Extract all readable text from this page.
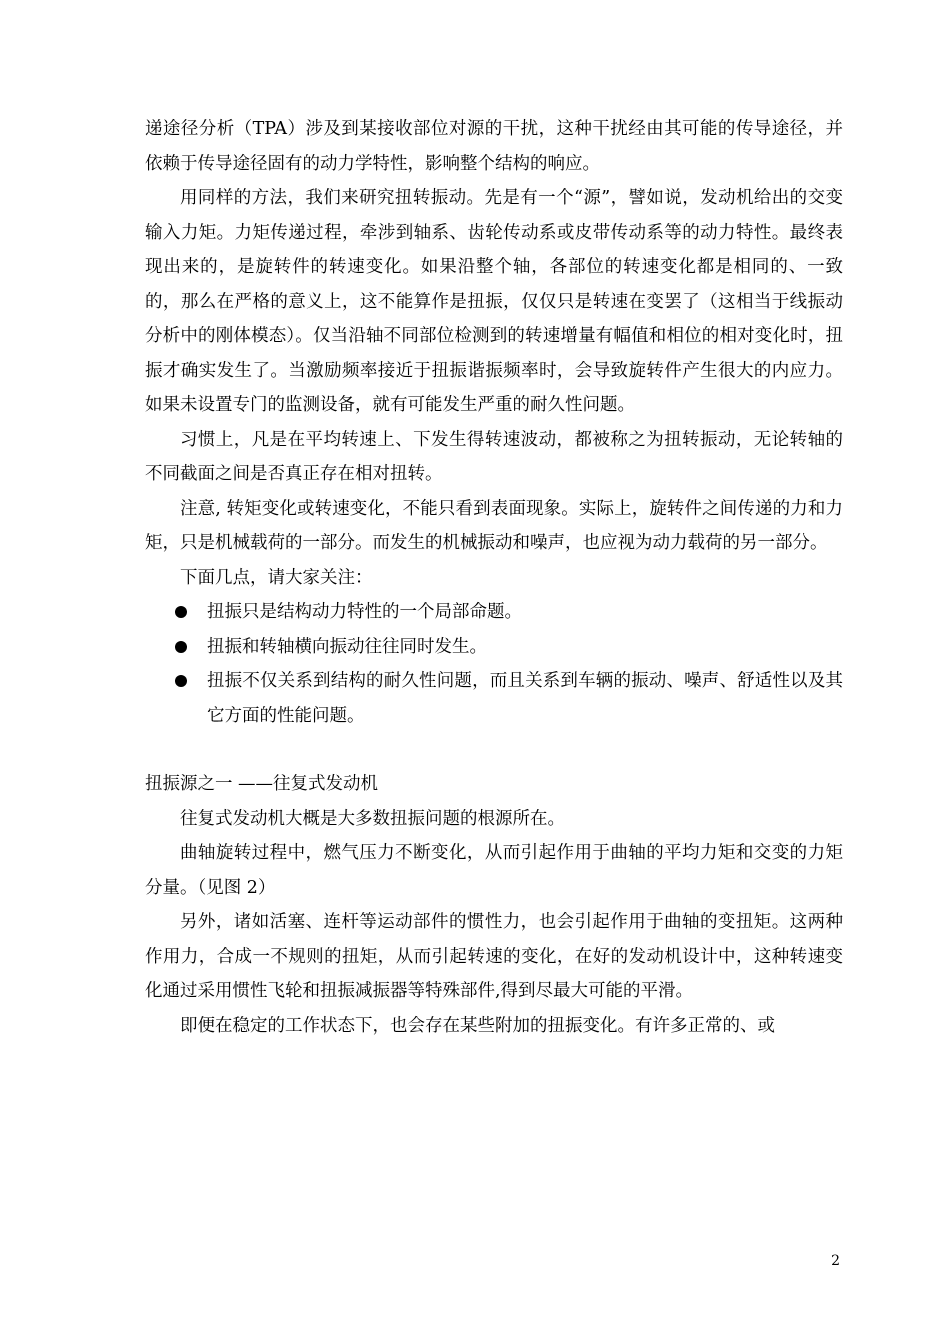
递途径分析（TPA）涉及到某接收部位对源的干扰，这种干扰经由其可能的传导途径，并依赖于传导途径固有的动力学特性，影响整个结构的响应。

用同样的方法，我们来研究扭转振动。先是有一个“源”，譬如说，发动机给出的交变输入力矩。力矩传递过程，牵涉到轴系、齿轮传动系或皮带传动系等的动力特性。最终表现出来的，是旋转件的转速变化。如果沿整个轴，各部位的转速变化都是相同的、一致的，那么在严格的意义上，这不能算作是扭振，仅仅只是转速在变罢了（这相当于线振动分析中的刚体模态）。仅当沿轴不同部位检测到的转速增量有幅值和相位的相对变化时，扭振才确实发生了。当激励频率接近于扭振谐振频率时，会导致旋转件产生很大的内应力。如果未设置专门的监测设备，就有可能发生严重的耐久性问题。

习惯上，凡是在平均转速上、下发生得转速波动，都被称之为扭转振动，无论转轴的不同截面之间是否真正存在相对扭转。

注意, 转矩变化或转速变化，不能只看到表面现象。实际上，旋转件之间传递的力和力矩，只是机械载荷的一部分。而发生的机械振动和噪声，也应视为动力载荷的另一部分。

下面几点，请大家关注：

扭振只是结构动力特性的一个局部命题。
扭振和转轴横向振动往往同时发生。
扭振不仅关系到结构的耐久性问题，而且关系到车辆的振动、噪声、舒适性以及其它方面的性能问题。

扭振源之一 ——往复式发动机

往复式发动机大概是大多数扭振问题的根源所在。

曲轴旋转过程中，燃气压力不断变化，从而引起作用于曲轴的平均力矩和交变的力矩分量。（见图 2）

另外，诸如活塞、连杆等运动部件的惯性力，也会引起作用于曲轴的变扭矩。这两种作用力，合成一不规则的扭矩，从而引起转速的变化，在好的发动机设计中，这种转速变化通过采用惯性飞轮和扭振减振器等特殊部件,得到尽最大可能的平滑。

即便在稳定的工作状态下，也会存在某些附加的扭振变化。有许多正常的、或

2
